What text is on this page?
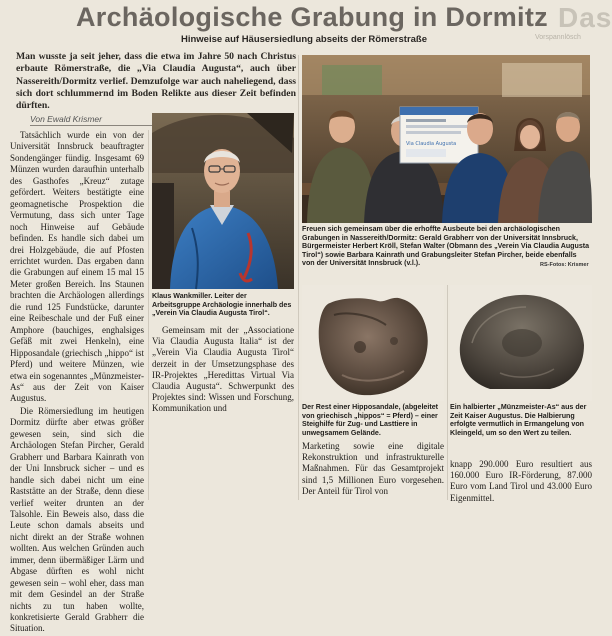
Das
Vorspannlösch
Archäologische Grabung in Dormitz
Hinweise auf Häusersiedlung abseits der Römerstraße

Man wusste ja seit jeher, dass die etwa im Jahre 50 nach Christus erbaute Römerstraße, die „Via Claudia Augusta“, auch über Nassereith/Dormitz verlief. Demzufolge war auch naheliegend, dass sich dort schlummernd im Boden Relikte aus dieser Zeit befinden dürften.

Von Ewald Krismer

Tatsächlich wurde ein von der Universität Innsbruck beauftragter Sondengänger fündig. Insgesamt 69 Münzen wurden daraufhin unterhalb des Gasthofes „Kreuz“ zutage gefördert. Weiters bestätigte eine geomagnetische Prospektion die Vermutung, dass sich unter Tage noch Hinweise auf Gebäude befinden. Es handle sich dabei um drei Holzgebäude, die auf Pfosten errichtet wurden. Das ergaben dann die Grabungen auf einem 15 mal 15 Meter großen Bereich. Ins Staunen brachten die Archäologen allerdings die rund 125 Fundstücke, darunter eine Reibeschale und der Fuß einer Amphore (bauchiges, enghalsiges Gefäß mit zwei Henkeln), eine Hipposandale (griechisch „hippo“ ist Pferd) und weitere Münzen, wie etwa ein sogenanntes „Münzmeister-As“ aus der Zeit von Kaiser Augustus.

Die Römersiedlung im heutigen Dormitz dürfte aber etwas größer gewesen sein, sind sich die Archäologen Stefan Pircher, Gerald Grabherr und Barbara Kainrath von der Uni Innsbruck sicher – und es handle sich dabei nicht um eine Raststätte an der Straße, denn diese verlief weiter drunten an der Talsohle. Ein Beweis also, dass die Leute schon damals abseits und nicht direkt an der Straße wohnen wollten. Aus welchen Gründen auch immer, denn übermäßiger Lärm und Abgase dürften es wohl nicht gewesen sein – wohl eher, dass man mit dem Gesindel an der Straße nichts zu tun haben wollte, konkretisierte Gerald Grabherr die Situation.

Klaus Wankmiller. Leiter der Arbeitsgruppe Archäologie innerhalb des „Verein Via Claudia Augusta Tirol“.
Via Claudia Augusta
Freuen sich gemeinsam über die erhoffte Ausbeute bei den archäologischen Grabungen in Nassereith/Dormitz: Gerald Grabherr von der Universität Innsbruck, Bürgermeister Herbert Kröll, Stefan Walter (Obmann des „Verein Via Claudia Augusta Tirol“) sowie Barbara Kainrath und Grabungsleiter Stefan Pircher, beide ebenfalls von der Universität Innsbruck (v.l.).	RS-Fotos: Krismer
Der Rest einer Hipposandale, (abgeleitet von griechisch „hippos“ = Pferd) – einer Steighilfe für Zug- und Lasttiere in unwegsamem Gelände.
Ein halbierter „Münzmeister-As“ aus der Zeit Kaiser Augustus. Die Halbierung erfolgte vermutlich in Ermangelung von Kleingeld, um so den Wert zu teilen.

Gemeinsam mit der „Associatione Via Claudia Augusta Italia“ ist der „Verein Via Claudia Augusta Tirol“ derzeit in der Umsetzungsphase des IR-Projektes „Heredittas Virtual Via Claudia Augusta“. Schwerpunkt des Projektes sind: Wissen und Forschung, Kommunikation und

Marketing sowie eine digitale Rekonstruktion und infrastrukturelle Maßnahmen. Für das Gesamtprojekt sind 1,5 Millionen Euro vorgesehen. Der Anteil für Tirol von
knapp 290.000 Euro resultiert aus 160.000 Euro IR-Förderung, 87.000 Euro vom Land Tirol und 43.000 Euro Eigenmittel.
